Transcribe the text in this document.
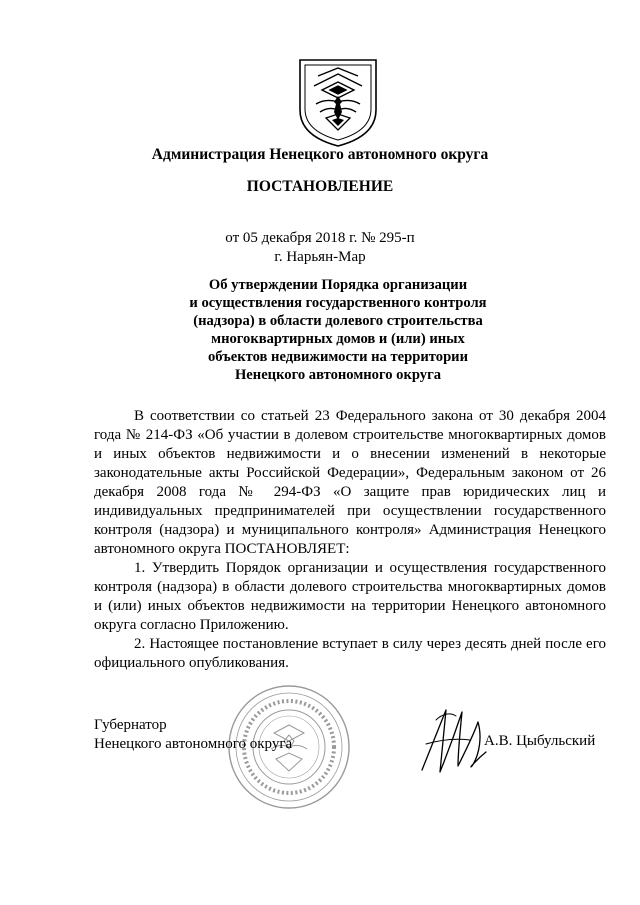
Администрация Ненецкого автономного округа
ПОСТАНОВЛЕНИЕ
от 05 декабря 2018 г. № 295-п
г. Нарьян-Мар
Об утверждении Порядка организации
и осуществления государственного контроля
(надзора) в области долевого строительства
многоквартирных домов и (или) иных
объектов недвижимости на территории
Ненецкого автономного округа

В соответствии со статьей 23 Федерального закона от 30 декабря 2004 года № 214-ФЗ «Об участии в долевом строительстве многоквартирных домов и иных объектов недвижимости и о внесении изменений в некоторые законодательные акты Российской Федерации», Федеральным законом от 26 декабря 2008 года № 294-ФЗ «О защите прав юридических лиц и индивидуальных предпринимателей при осуществлении государственного контроля (надзора) и муниципального контроля» Администрация Ненецкого автономного округа ПОСТАНОВЛЯЕТ:

1. Утвердить Порядок организации и осуществления государственного контроля (надзора) в области долевого строительства многоквартирных домов и (или) иных объектов недвижимости на территории Ненецкого автономного округа согласно Приложению.

2. Настоящее постановление вступает в силу через десять дней после его официального опубликования.

Губернатор
Ненецкого автономного округа	А.В. Цыбульский
